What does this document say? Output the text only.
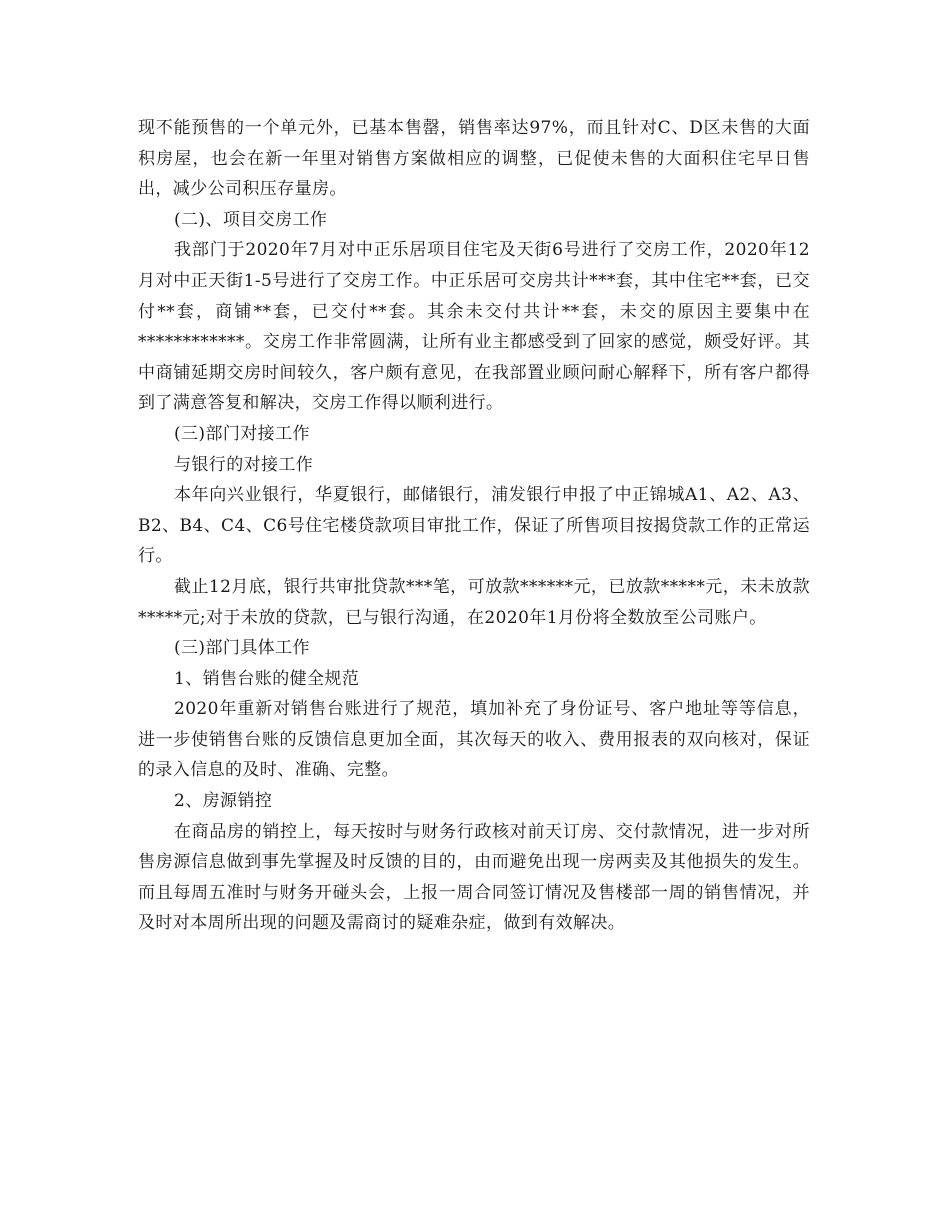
现不能预售的一个单元外，已基本售罄，销售率达97%，而且针对C、D区未售的大面积房屋，也会在新一年里对销售方案做相应的调整，已促使未售的大面积住宅早日售出，减少公司积压存量房。

(二)、项目交房工作

我部门于2020年7月对中正乐居项目住宅及天街6号进行了交房工作，2020年12月对中正天街1-5号进行了交房工作。中正乐居可交房共计***套，其中住宅**套，已交付**套，商铺**套，已交付**套。其余未交付共计**套，未交的原因主要集中在************。交房工作非常圆满，让所有业主都感受到了回家的感觉，颇受好评。其中商铺延期交房时间较久，客户颇有意见，在我部置业顾问耐心解释下，所有客户都得到了满意答复和解决，交房工作得以顺利进行。

(三)部门对接工作

与银行的对接工作

本年向兴业银行，华夏银行，邮储银行，浦发银行申报了中正锦城A1、A2、A3、B2、B4、C4、C6号住宅楼贷款项目审批工作，保证了所售项目按揭贷款工作的正常运行。

截止12月底，银行共审批贷款***笔，可放款******元，已放款*****元，未未放款*****元;对于未放的贷款，已与银行沟通，在2020年1月份将全数放至公司账户。

(三)部门具体工作

1、销售台账的健全规范

2020年重新对销售台账进行了规范，填加补充了身份证号、客户地址等等信息，进一步使销售台账的反馈信息更加全面，其次每天的收入、费用报表的双向核对，保证的录入信息的及时、准确、完整。

2、房源销控

在商品房的销控上，每天按时与财务行政核对前天订房、交付款情况，进一步对所售房源信息做到事先掌握及时反馈的目的，由而避免出现一房两卖及其他损失的发生。而且每周五准时与财务开碰头会，上报一周合同签订情况及售楼部一周的销售情况，并及时对本周所出现的问题及需商讨的疑难杂症，做到有效解决。
